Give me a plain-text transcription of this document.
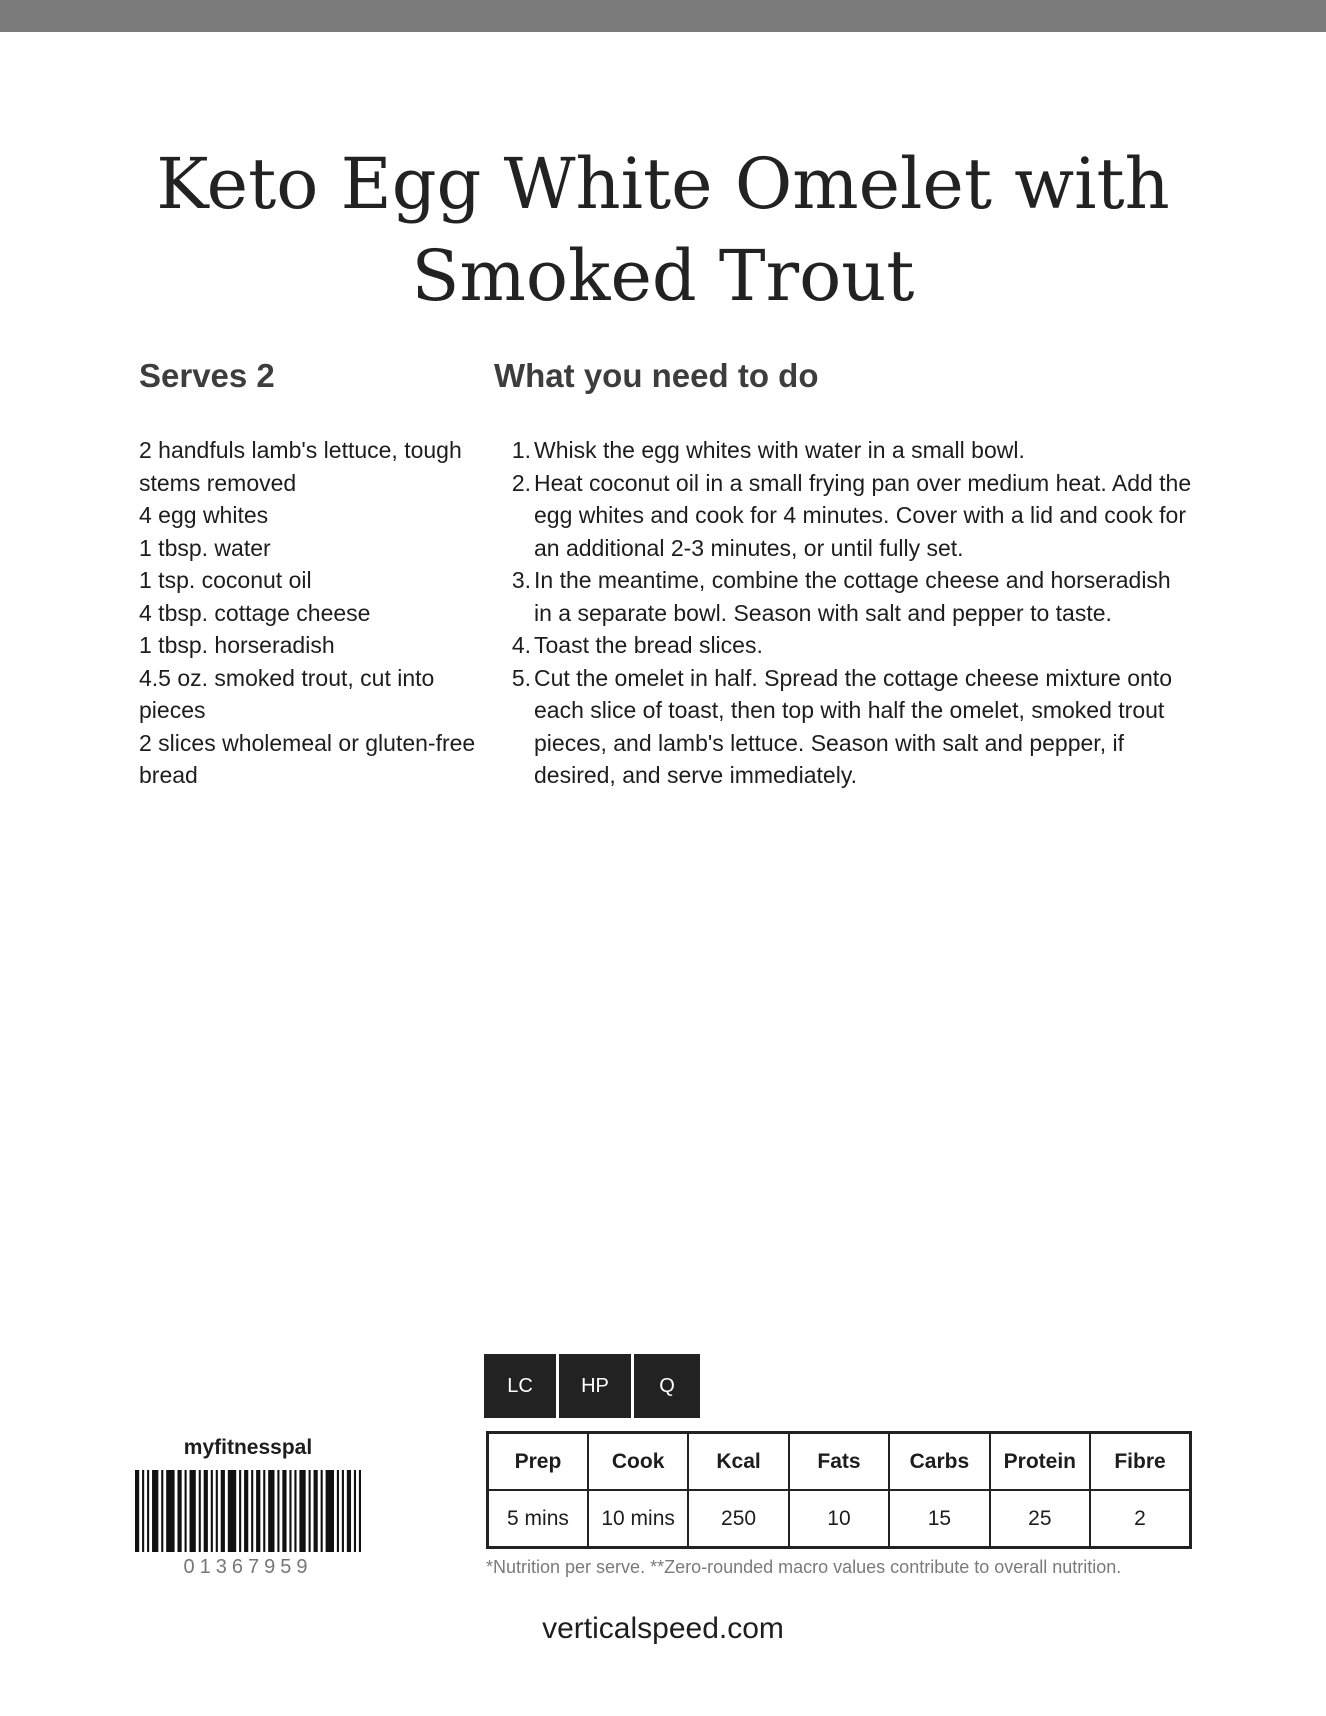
Keto Egg White Omelet with Smoked Trout
Serves 2	What you need to do
2 handfuls lamb's lettuce, tough stems removed
4 egg whites
1 tbsp. water
1 tsp. coconut oil
4 tbsp. cottage cheese
1 tbsp. horseradish
4.5 oz. smoked trout, cut into pieces
2 slices wholemeal or gluten-free bread
1. Whisk the egg whites with water in a small bowl.
2. Heat coconut oil in a small frying pan over medium heat. Add the egg whites and cook for 4 minutes. Cover with a lid and cook for an additional 2-3 minutes, or until fully set.
3. In the meantime, combine the cottage cheese and horseradish in a separate bowl. Season with salt and pepper to taste.
4. Toast the bread slices.
5. Cut the omelet in half. Spread the cottage cheese mixture onto each slice of toast, then top with half the omelet, smoked trout pieces, and lamb's lettuce. Season with salt and pepper, if desired, and serve immediately.
LC	HP	Q
Prep	Cook	Kcal	Fats	Carbs	Protein	Fibre
5 mins	10 mins	250	10	15	25	2

*Nutrition per serve. **Zero-rounded macro values contribute to overall nutrition.

myfitnesspal

01367959

verticalspeed.com
